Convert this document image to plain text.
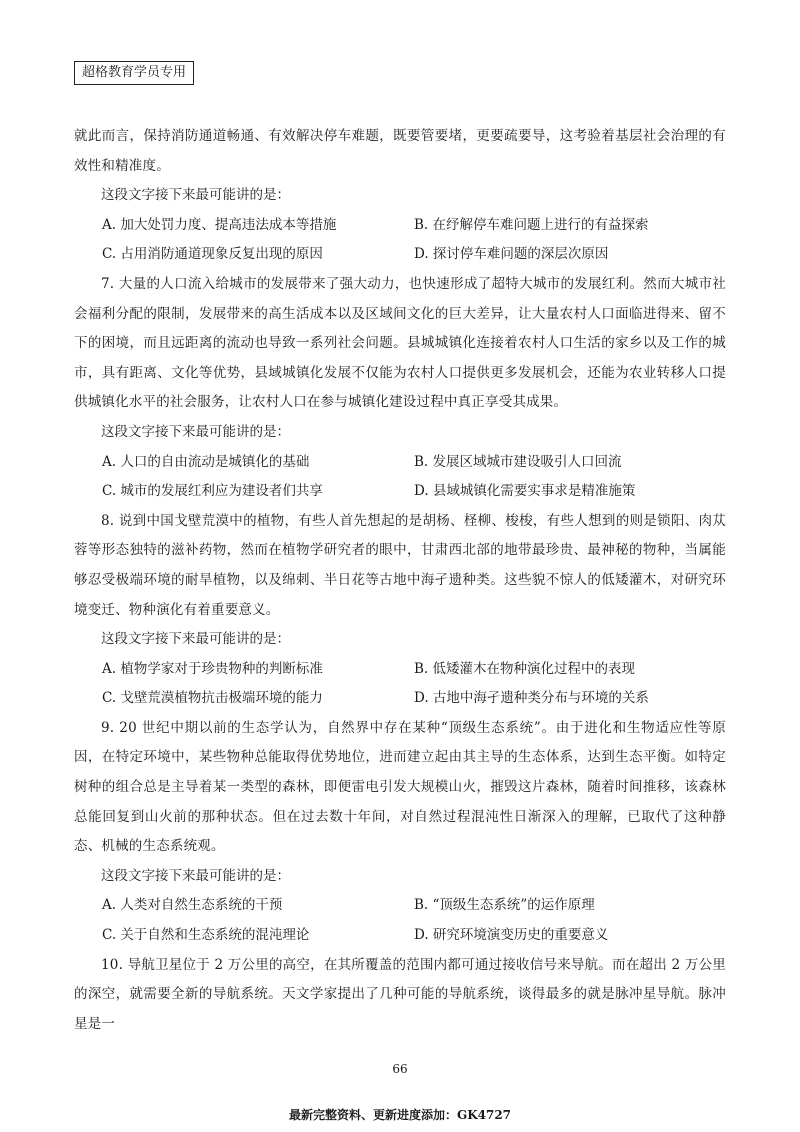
超格教育学员专用

就此而言，保持消防通道畅通、有效解决停车难题，既要管要堵，更要疏要导，这考验着基层社会治理的有效性和精准度。

这段文字接下来最可能讲的是：

A. 加大处罚力度、提高违法成本等措施	B. 在纾解停车难问题上进行的有益探索
C. 占用消防通道现象反复出现的原因	D. 探讨停车难问题的深层次原因

7. 大量的人口流入给城市的发展带来了强大动力，也快速形成了超特大城市的发展红利。然而大城市社会福利分配的限制，发展带来的高生活成本以及区域间文化的巨大差异，让大量农村人口面临进得来、留不下的困境，而且远距离的流动也导致一系列社会问题。县城城镇化连接着农村人口生活的家乡以及工作的城市，具有距离、文化等优势，县域城镇化发展不仅能为农村人口提供更多发展机会，还能为农业转移人口提供城镇化水平的社会服务，让农村人口在参与城镇化建设过程中真正享受其成果。

这段文字接下来最可能讲的是：

A. 人口的自由流动是城镇化的基础	B. 发展区域城市建设吸引人口回流
C. 城市的发展红利应为建设者们共享	D. 县域城镇化需要实事求是精准施策

8. 说到中国戈壁荒漠中的植物，有些人首先想起的是胡杨、柽柳、梭梭，有些人想到的则是锁阳、肉苁蓉等形态独特的滋补药物，然而在植物学研究者的眼中，甘肃西北部的地带最珍贵、最神秘的物种，当属能够忍受极端环境的耐旱植物，以及绵刺、半日花等古地中海孑遗种类。这些貌不惊人的低矮灌木，对研究环境变迁、物种演化有着重要意义。

这段文字接下来最可能讲的是：

A. 植物学家对于珍贵物种的判断标准	B. 低矮灌木在物种演化过程中的表现
C. 戈壁荒漠植物抗击极端环境的能力	D. 古地中海孑遗种类分布与环境的关系

9. 20 世纪中期以前的生态学认为，自然界中存在某种“顶级生态系统”。由于进化和生物适应性等原因，在特定环境中，某些物种总能取得优势地位，进而建立起由其主导的生态体系，达到生态平衡。如特定树种的组合总是主导着某一类型的森林，即便雷电引发大规模山火，摧毁这片森林，随着时间推移，该森林总能回复到山火前的那种状态。但在过去数十年间，对自然过程混沌性日渐深入的理解，已取代了这种静态、机械的生态系统观。

这段文字接下来最可能讲的是：

A. 人类对自然生态系统的干预	B. “顶级生态系统”的运作原理
C. 关于自然和生态系统的混沌理论	D. 研究环境演变历史的重要意义

10. 导航卫星位于 2 万公里的高空，在其所覆盖的范围内都可通过接收信号来导航。而在超出 2 万公里的深空，就需要全新的导航系统。天文学家提出了几种可能的导航系统，谈得最多的就是脉冲星导航。脉冲星是一

66
最新完整资料、更新进度添加：GK4727
